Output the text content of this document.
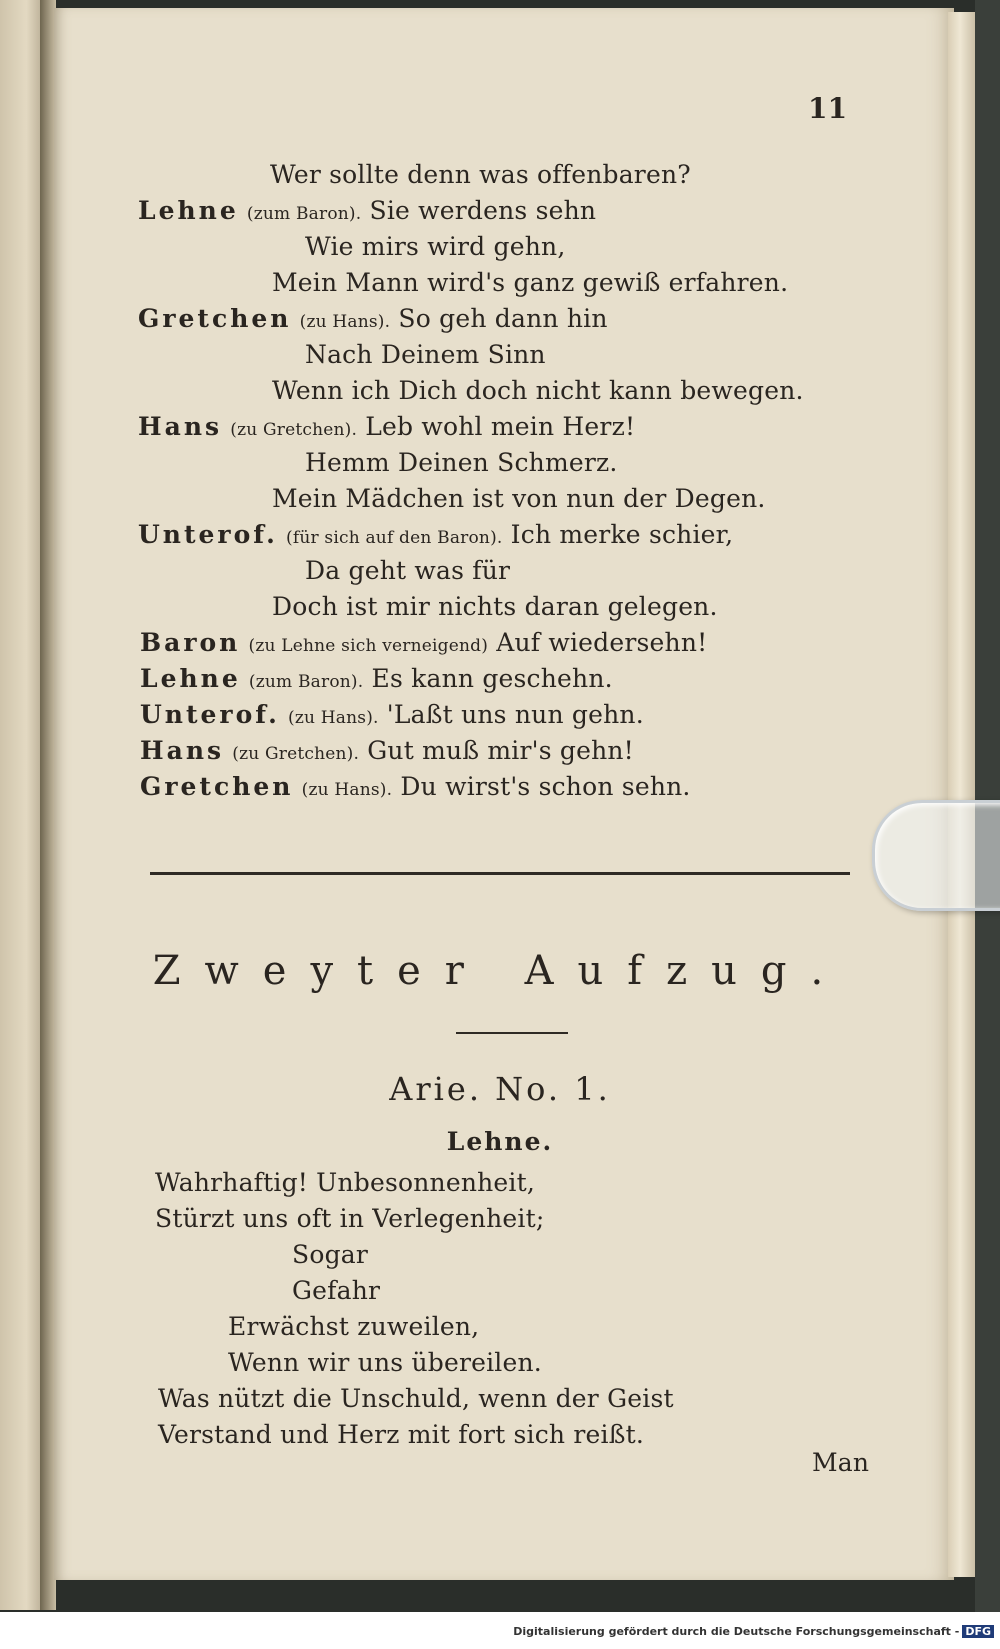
11
Wer sollte denn was offenbaren?
Lehne (zum Baron). Sie werdens sehn
Wie mirs wird gehn,
Mein Mann wird's ganz gewiß erfahren.
Gretchen (zu Hans). So geh dann hin
Nach Deinem Sinn
Wenn ich Dich doch nicht kann bewegen.
Hans (zu Gretchen). Leb wohl mein Herz!
Hemm Deinen Schmerz.
Mein Mädchen ist von nun der Degen.
Unterof. (für sich auf den Baron). Ich merke schier,
Da geht was für
Doch ist mir nichts daran gelegen.
Baron (zu Lehne sich verneigend) Auf wiedersehn!
Lehne (zum Baron). Es kann geschehn.
Unterof. (zu Hans). 'Laßt uns nun gehn.
Hans (zu Gretchen). Gut muß mir's gehn!
Gretchen (zu Hans). Du wirst's schon sehn.
Zweyter Aufzug.
Arie. No. 1.
Lehne.
Wahrhaftig! Unbesonnenheit,
Stürzt uns oft in Verlegenheit;
Sogar
Gefahr
Erwächst zuweilen,
Wenn wir uns übereilen.
Was nützt die Unschuld, wenn der Geist
Verstand und Herz mit fort sich reißt.
Man
Digitalisierung gefördert durch die Deutsche Forschungsgemeinschaft - DFG
